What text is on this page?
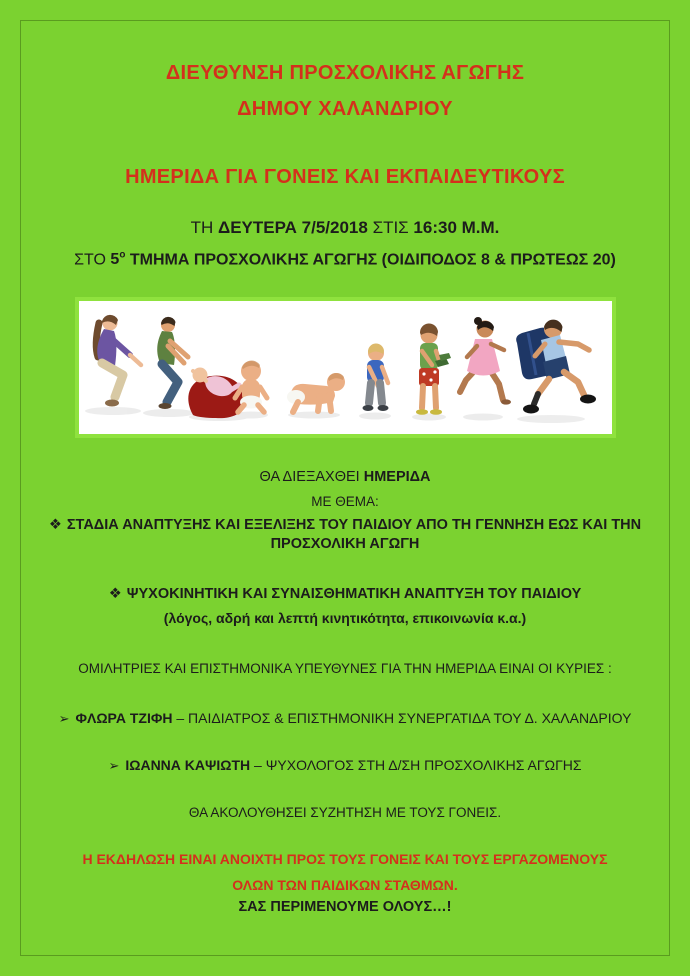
ΔΙΕΥΘΥΝΣΗ ΠΡΟΣΧΟΛΙΚΗΣ ΑΓΩΓΗΣ
ΔΗΜΟΥ ΧΑΛΑΝΔΡΙΟΥ
ΗΜΕΡΙΔΑ ΓΙΑ ΓΟΝΕΙΣ ΚΑΙ ΕΚΠΑΙΔΕΥΤΙΚΟΥΣ
ΤΗ ΔΕΥΤΕΡΑ 7/5/2018 ΣΤΙΣ 16:30 Μ.Μ.
ΣΤΟ $5^o$ ΤΜΗΜΑ ΠΡΟΣΧΟΛΙΚΗΣ ΑΓΩΓΗΣ (ΟΙΔΙΠΟΔΟΣ 8 & ΠΡΩΤΕΩΣ 20)
ΘΑ ΔΙΕΞΑΧΘΕΙ ΗΜΕΡΙΔΑ
ΜΕ ΘΕΜΑ:
❖ ΣΤΑΔΙΑ ΑΝΑΠΤΥΞΗΣ ΚΑΙ ΕΞΕΛΙΞΗΣ ΤΟΥ ΠΑΙΔΙΟΥ ΑΠΟ ΤΗ ΓΕΝΝΗΣΗ ΕΩΣ ΚΑΙ ΤΗΝ
ΠΡΟΣΧΟΛΙΚΗ ΑΓΩΓΗ
❖ ΨΥΧΟΚΙΝΗΤΙΚΗ ΚΑΙ ΣΥΝΑΙΣΘΗΜΑΤΙΚΗ ΑΝΑΠΤΥΞΗ ΤΟΥ ΠΑΙΔΙΟΥ
(λόγος, αδρή και λεπτή κινητικότητα, επικοινωνία κ.α.)
ΟΜΙΛΗΤΡΙΕΣ ΚΑΙ ΕΠΙΣΤΗΜΟΝΙΚΑ ΥΠΕΥΘΥΝΕΣ ΓΙΑ ΤΗΝ ΗΜΕΡΙΔΑ ΕΙΝΑΙ ΟΙ ΚΥΡΙΕΣ :
➢ ΦΛΩΡΑ ΤΖΙΦΗ – ΠΑΙΔΙΑΤΡΟΣ & ΕΠΙΣΤΗΜΟΝΙΚΗ ΣΥΝΕΡΓΑΤΙΔΑ ΤΟΥ Δ. ΧΑΛΑΝΔΡΙΟΥ
➢ ΙΩΑΝΝΑ ΚΑΨΙΩΤΗ – ΨΥΧΟΛΟΓΟΣ ΣΤΗ Δ/ΣΗ ΠΡΟΣΧΟΛΙΚΗΣ ΑΓΩΓΗΣ
ΘΑ ΑΚΟΛΟΥΘΗΣΕΙ ΣΥΖΗΤΗΣΗ ΜΕ ΤΟΥΣ ΓΟΝΕΙΣ.
Η ΕΚΔΗΛΩΣΗ ΕΙΝΑΙ ΑΝΟΙΧΤΗ ΠΡΟΣ ΤΟΥΣ ΓΟΝΕΙΣ ΚΑΙ ΤΟΥΣ ΕΡΓΑΖΟΜΕΝΟΥΣ
ΟΛΩΝ ΤΩΝ ΠΑΙΔΙΚΩΝ ΣΤΑΘΜΩΝ.
ΣΑΣ ΠΕΡΙΜΕΝΟΥΜΕ ΟΛΟΥΣ…!
